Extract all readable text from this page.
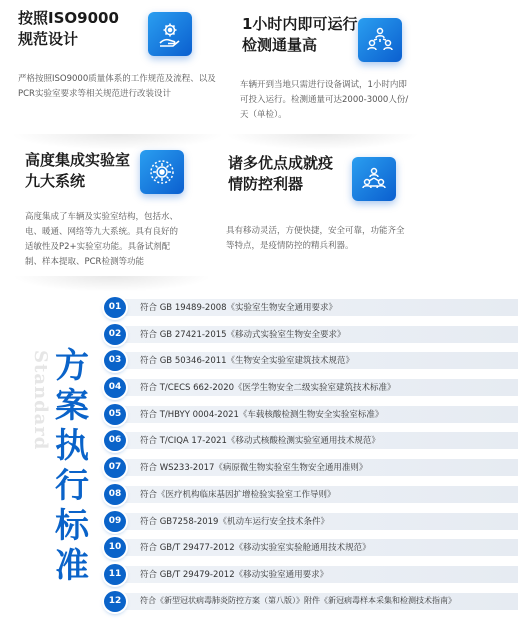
按照ISO9000
规范设计
严格按照ISO9000质量体系的工作规范及流程、以及PCR实验室要求等相关规范进行改装设计
1小时内即可运行
检测通量高
车辆开到当地只需进行设备调试，1小时内即可投入运行。检测通量可达2000-3000人份/天（单检）。
高度集成实验室
九大系统
高度集成了车辆及实验室结构，包括水、电、暖通、网络等九大系统。具有良好的适敏性及P2+实验室功能。具备试剂配制、样本提取、PCR检测等功能
诸多优点成就疫
情防控利器
具有移动灵活，方便快捷，安全可靠，功能齐全等特点，是疫情防控的精兵利器。
Standard 方
案
执
行
标
准
01	符合 GB 19489-2008《实验室生物安全通用要求》
02	符合 GB 27421-2015《移动式实验室生物安全要求》
03	符合 GB 50346-2011《生物安全实验室建筑技术规范》
04	符合 T/CECS 662-2020《医学生物安全二级实验室建筑技术标准》
05	符合 T/HBYY 0004-2021《车载核酸检测生物安全实验室标准》
06	符合 T/CIQA 17-2021《移动式核酸检测实验室通用技术规范》
07	符合 WS233-2017《病原微生物实验室生物安全通用准则》
08	符合《医疗机构临床基因扩增检验实验室工作导则》
09	符合 GB7258-2019《机动车运行安全技术条件》
10	符合 GB/T 29477-2012《移动实验室实验舱通用技术规范》
11	符合 GB/T 29479-2012《移动实验室通用要求》
12	符合《新型冠状病毒肺炎防控方案（第八版）》附件《新冠病毒样本采集和检测技术指南》
